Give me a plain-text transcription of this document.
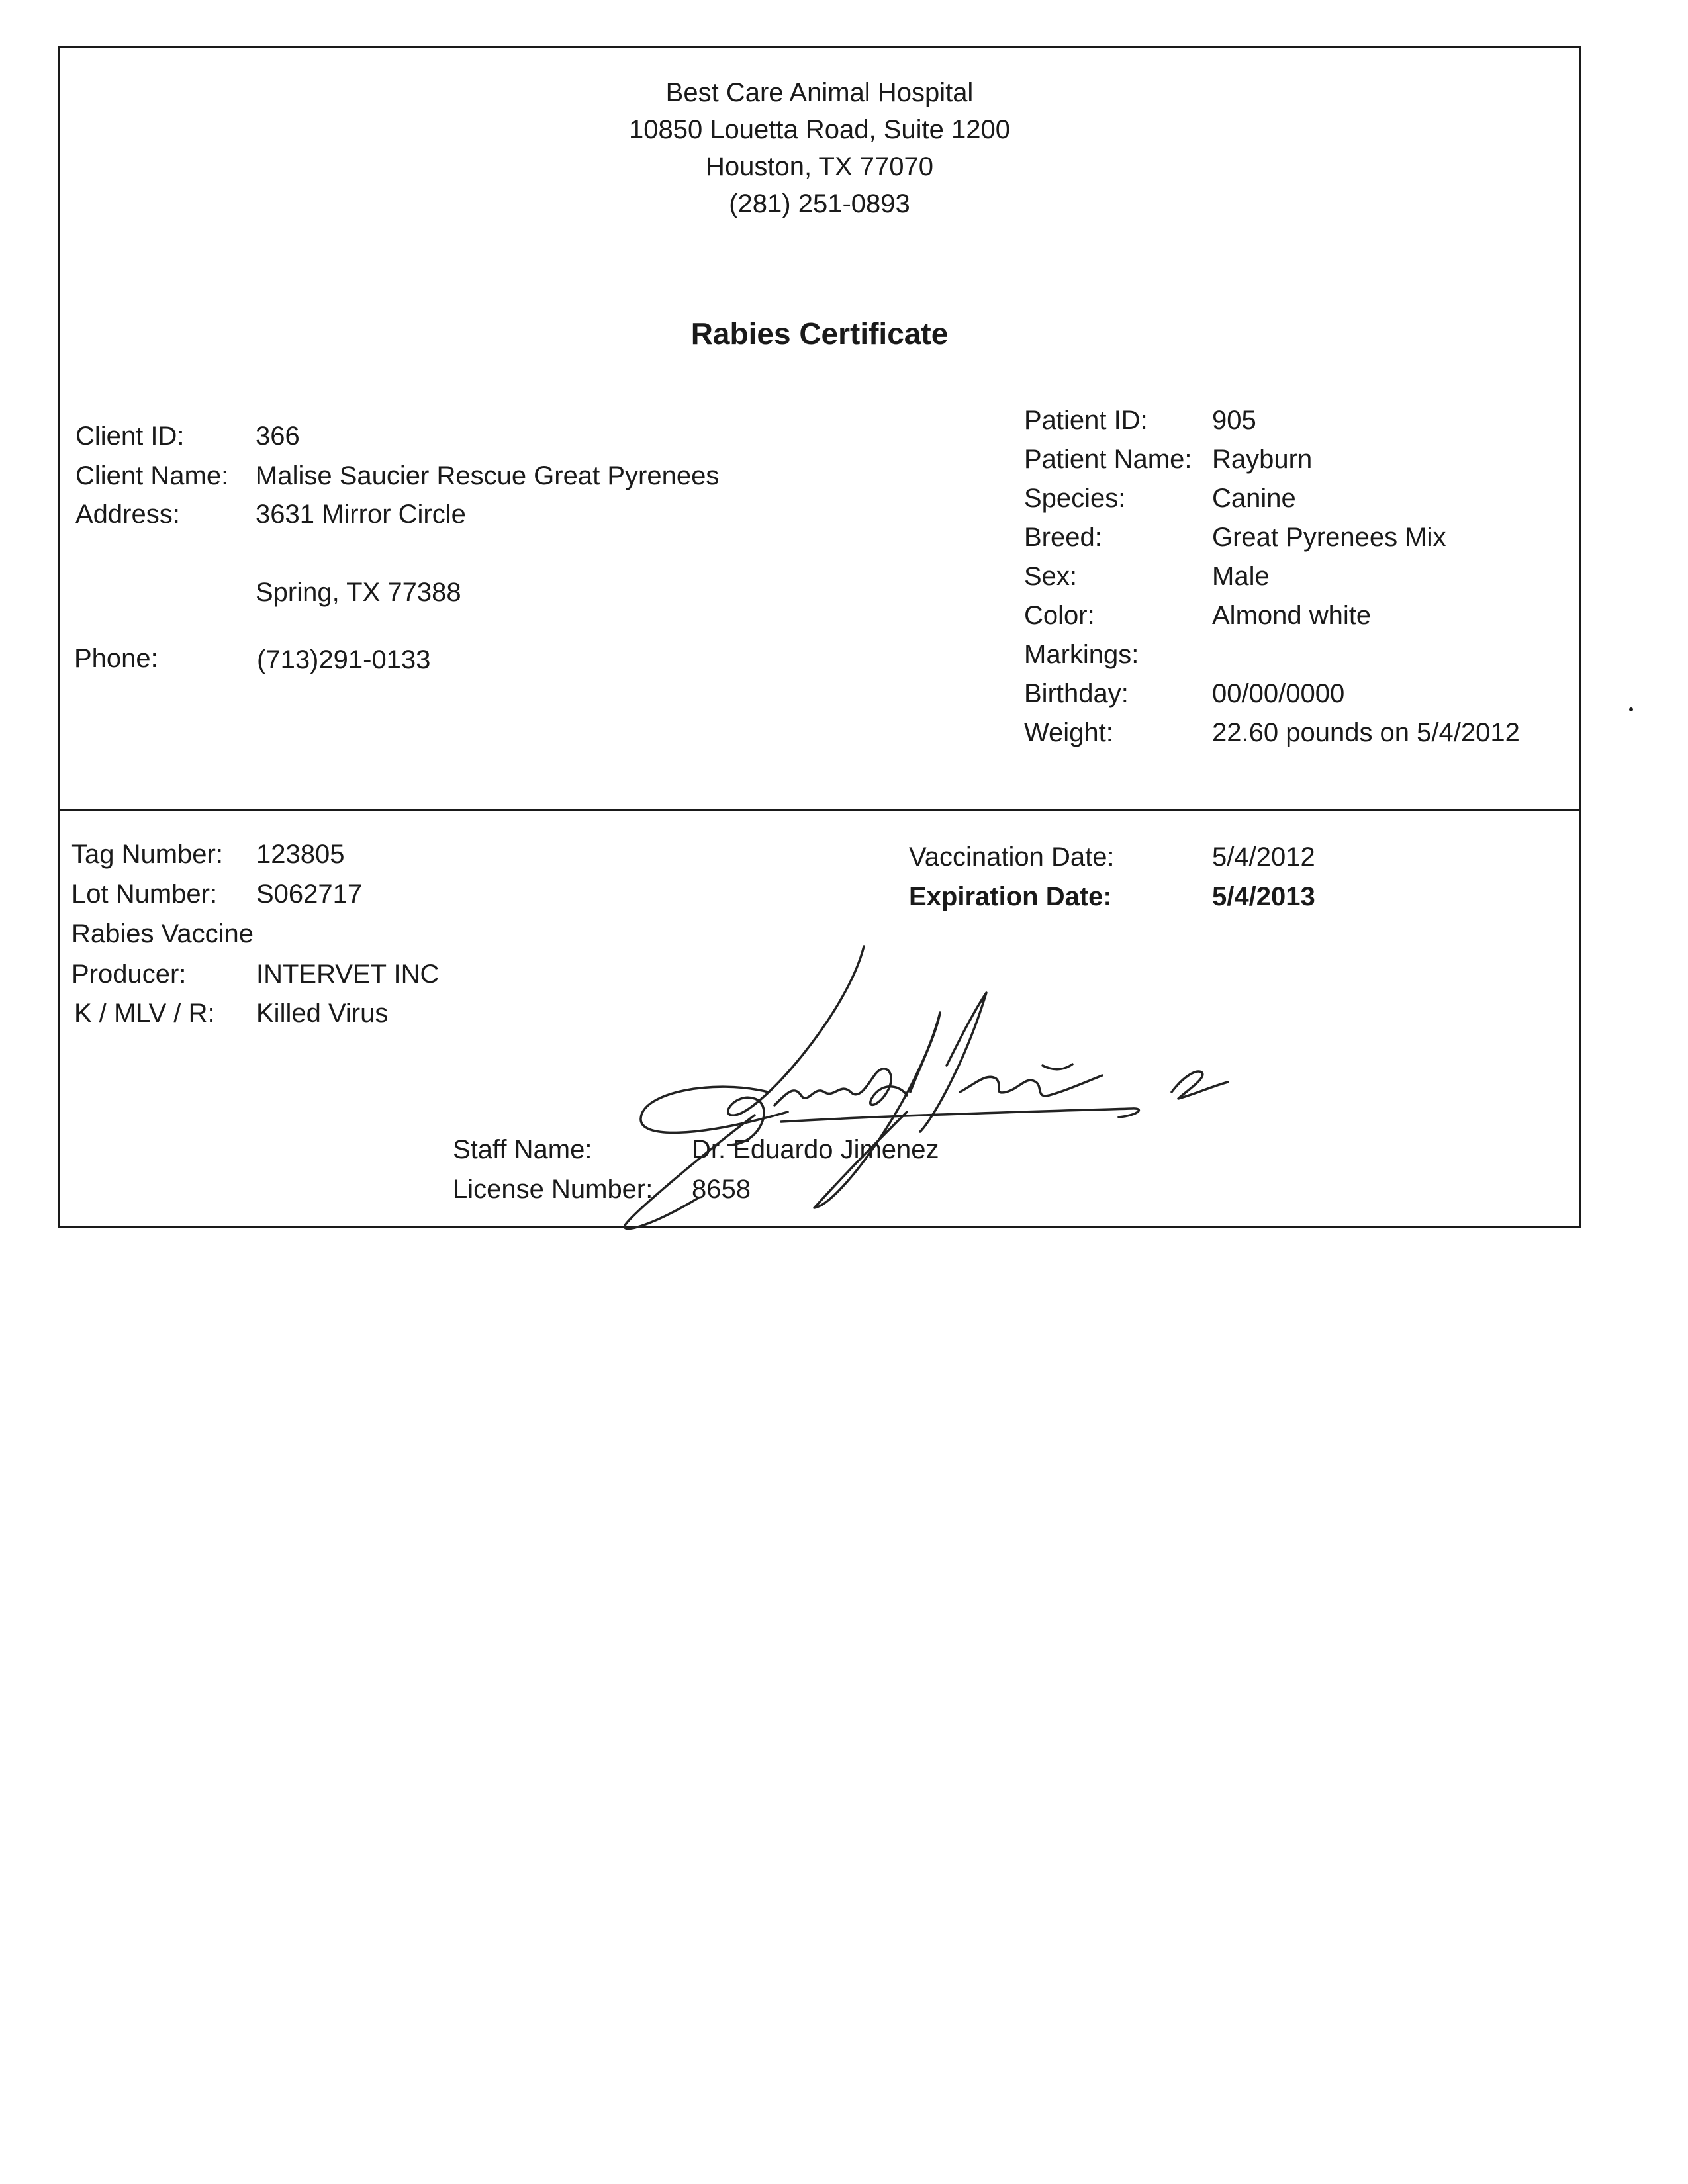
Best Care Animal Hospital
10850 Louetta Road, Suite 1200
Houston, TX 77070
(281) 251-0893
Rabies Certificate
Client ID:	366
Client Name: Malise Saucier Rescue Great Pyrenees
Address:	3631 Mirror Circle
Spring, TX 77388
Phone:	(713)291-0133
Patient ID: 905
Patient Name: Rayburn
Species:	Canine
Breed:	Great Pyrenees Mix
Sex:	Male
Color:	Almond white
Markings:
Birthday:	00/00/0000
Weight:	22.60 pounds on 5/4/2012
Tag Number: 123805
Lot Number: S062717
Rabies Vaccine
Producer:	INTERVET INC
K / MLV / R: Killed Virus
Vaccination Date:	5/4/2012
Expiration Date:	5/4/2013
Staff Name:	Dr. Eduardo Jimenez
License Number: 8658
